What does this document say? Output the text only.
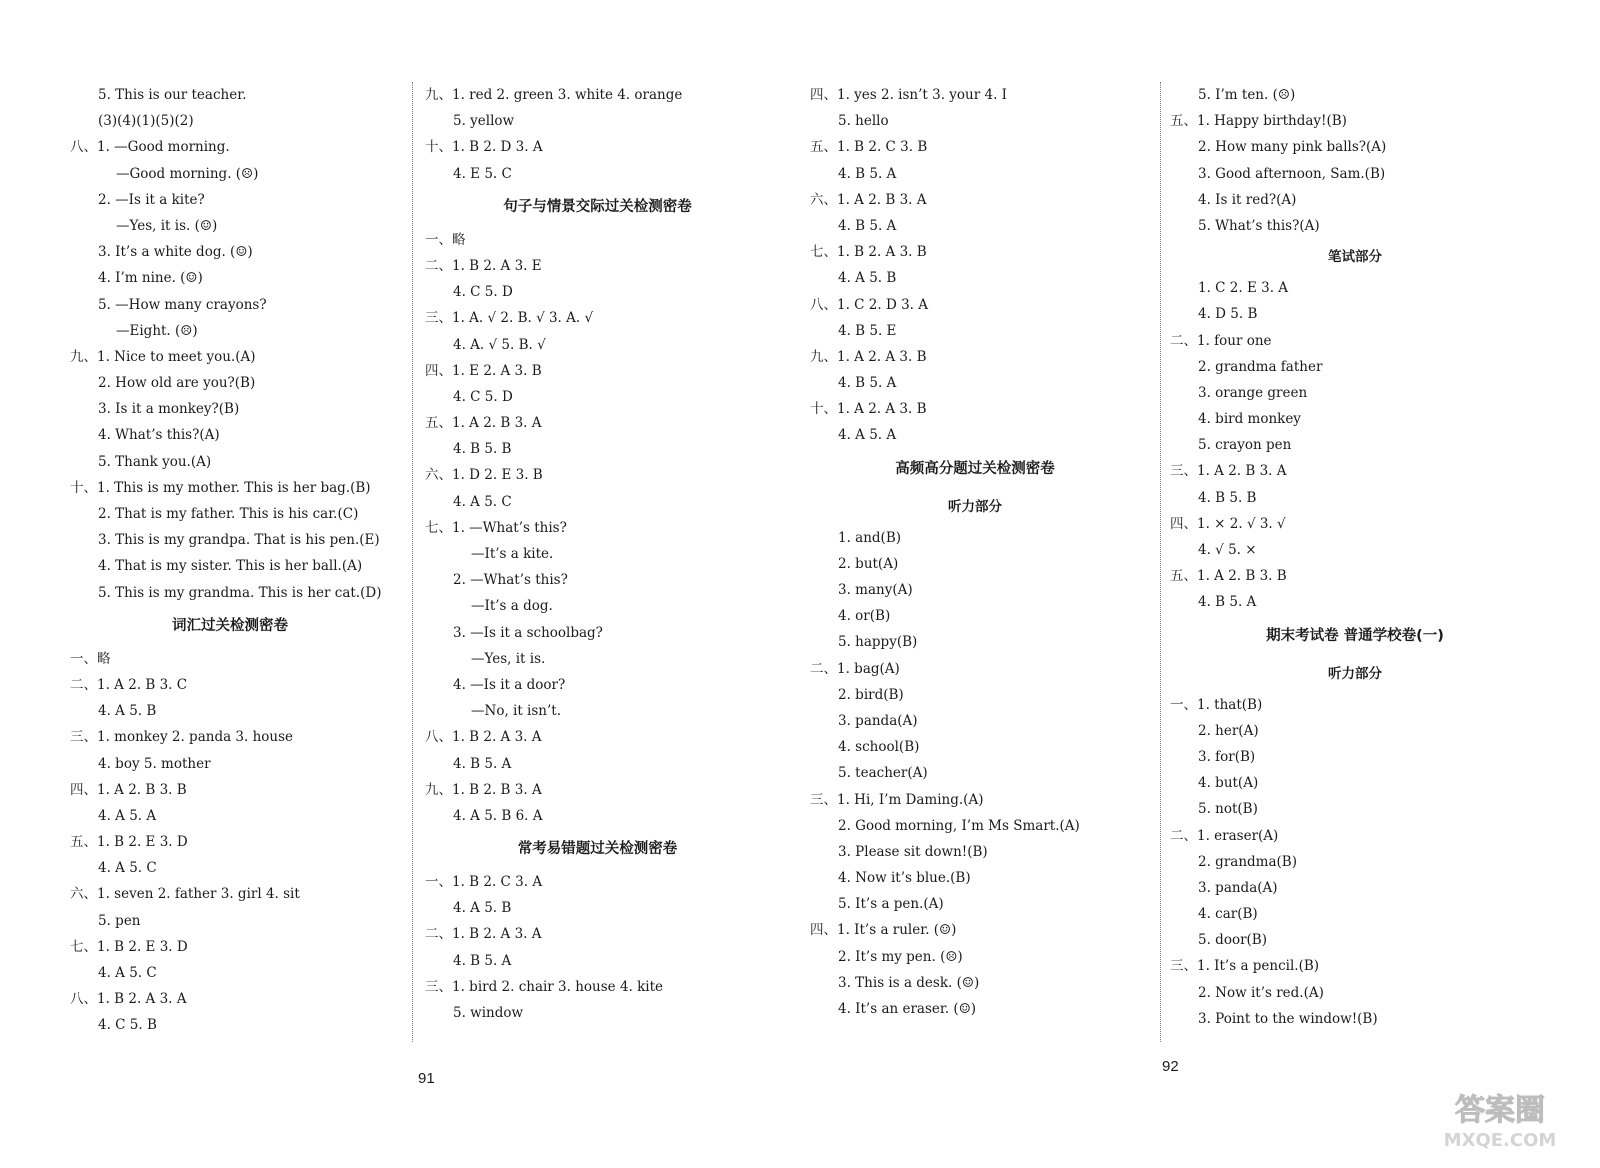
5. This is our teacher.
(3)(4)(1)(5)(2)
八、1. —Good morning.
—Good morning. (☹)
2. —Is it a kite?
—Yes, it is. (☺)
3. It’s a white dog. (☺)
4. I’m nine. (☺)
5. —How many crayons?
—Eight. (☹)
九、1. Nice to meet you.(A)
2. How old are you?(B)
3. Is it a monkey?(B)
4. What’s this?(A)
5. Thank you.(A)
十、1. This is my mother. This is her bag.(B)
2. That is my father. This is his car.(C)
3. This is my grandpa. That is his pen.(E)
4. That is my sister. This is her ball.(A)
5. This is my grandma. This is her cat.(D)
词汇过关检测密卷
一、略
二、1. A 2. B 3. C
4. A 5. B
三、1. monkey 2. panda 3. house
4. boy 5. mother
四、1. A 2. B 3. B
4. A 5. A
五、1. B 2. E 3. D
4. A 5. C
六、1. seven 2. father 3. girl 4. sit
5. pen
七、1. B 2. E 3. D
4. A 5. C
八、1. B 2. A 3. A
4. C 5. B
九、1. red 2. green 3. white 4. orange
5. yellow
十、1. B 2. D 3. A
4. E 5. C
句子与情景交际过关检测密卷
一、略
二、1. B 2. A 3. E
4. C 5. D
三、1. A. √ 2. B. √ 3. A. √
4. A. √ 5. B. √
四、1. E 2. A 3. B
4. C 5. D
五、1. A 2. B 3. A
4. B 5. B
六、1. D 2. E 3. B
4. A 5. C
七、1. —What’s this?
—It’s a kite.
2. —What’s this?
—It’s a dog.
3. —Is it a schoolbag?
—Yes, it is.
4. —Is it a door?
—No, it isn’t.
八、1. B 2. A 3. A
4. B 5. A
九、1. B 2. B 3. A
4. A 5. B 6. A
常考易错题过关检测密卷
一、1. B 2. C 3. A
4. A 5. B
二、1. B 2. A 3. A
4. B 5. A
三、1. bird 2. chair 3. house 4. kite
5. window
四、1. yes 2. isn’t 3. your 4. I
5. hello
五、1. B 2. C 3. B
4. B 5. A
六、1. A 2. B 3. A
4. B 5. A
七、1. B 2. A 3. B
4. A 5. B
八、1. C 2. D 3. A
4. B 5. E
九、1. A 2. A 3. B
4. B 5. A
十、1. A 2. A 3. B
4. A 5. A
高频高分题过关检测密卷
听力部分
1. and(B)
2. but(A)
3. many(A)
4. or(B)
5. happy(B)
二、1. bag(A)
2. bird(B)
3. panda(A)
4. school(B)
5. teacher(A)
三、1. Hi, I’m Daming.(A)
2. Good morning, I’m Ms Smart.(A)
3. Please sit down!(B)
4. Now it’s blue.(B)
5. It’s a pen.(A)
四、1. It’s a ruler. (☺)
2. It’s my pen. (☹)
3. This is a desk. (☺)
4. It’s an eraser. (☺)
5. I’m ten. (☹)
五、1. Happy birthday!(B)
2. How many pink balls?(A)
3. Good afternoon, Sam.(B)
4. Is it red?(A)
5. What’s this?(A)
笔试部分
1. C 2. E 3. A
4. D 5. B
二、1. four one
2. grandma father
3. orange green
4. bird monkey
5. crayon pen
三、1. A 2. B 3. A
4. B 5. B
四、1. × 2. √ 3. √
4. √ 5. ×
五、1. A 2. B 3. B
4. B 5. A
期末考试卷 普通学校卷(一)
听力部分
一、1. that(B)
2. her(A)
3. for(B)
4. but(A)
5. not(B)
二、1. eraser(A)
2. grandma(B)
3. panda(A)
4. car(B)
5. door(B)
三、1. It’s a pencil.(B)
2. Now it’s red.(A)
3. Point to the window!(B)
91
92
答案圈
MXQE.COM
